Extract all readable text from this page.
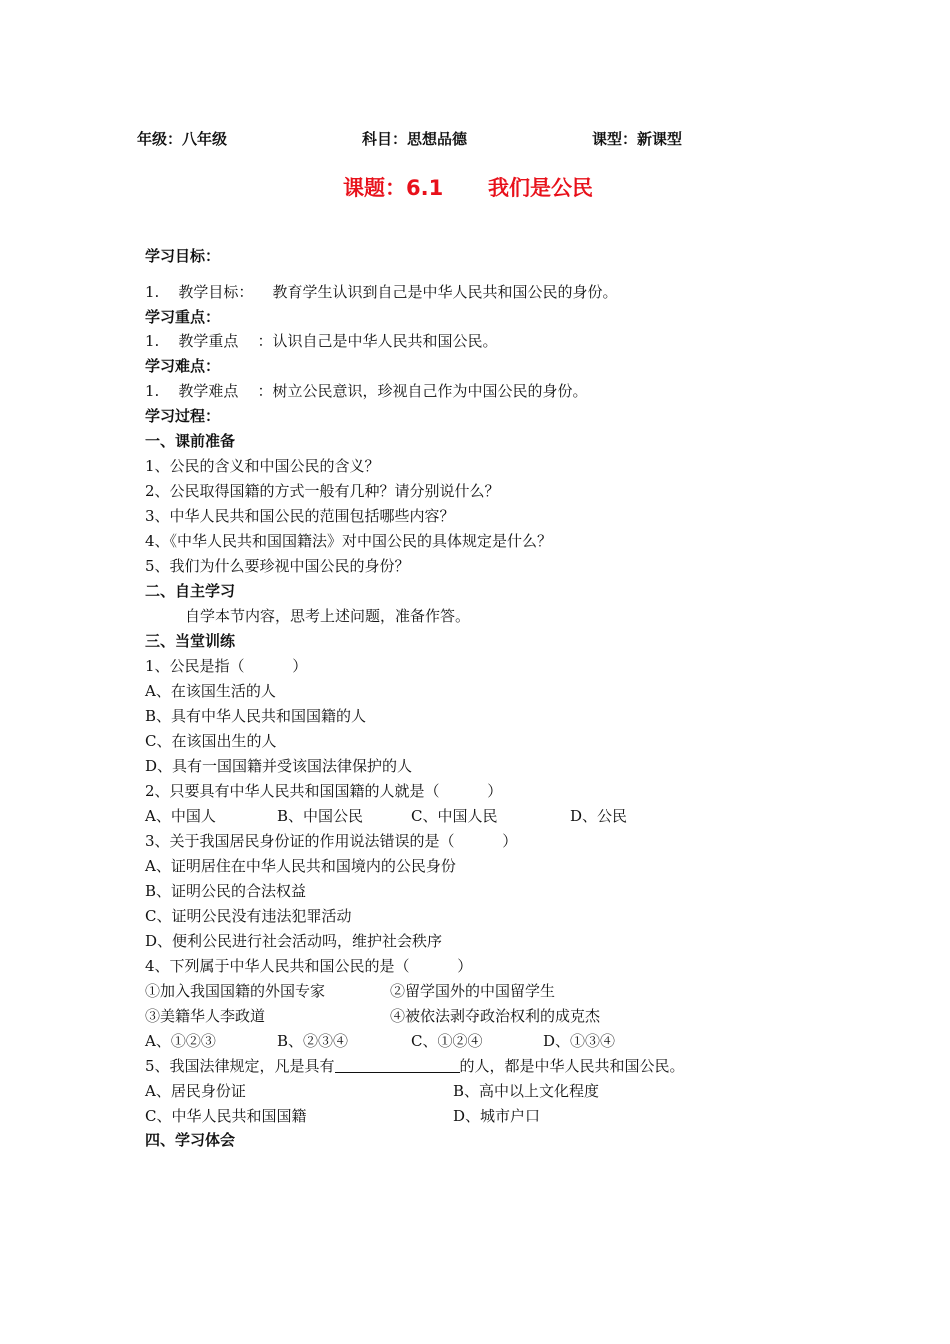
年级：八年级	科目：思想品德	课型：新课型
课题：6.1 我们是公民
学习目标：
1.    教学目标：    教育学生认识到自己是中华人民共和国公民的身份。
学习重点：
1.    教学重点    ：认识自己是中华人民共和国公民。
学习难点：
1.    教学难点    ：树立公民意识，珍视自己作为中国公民的身份。
学习过程：
一、课前准备
1、公民的含义和中国公民的含义？
2、公民取得国籍的方式一般有几种？请分别说什么？
3、中华人民共和国公民的范围包括哪些内容？
4、《中华人民共和国国籍法》对中国公民的具体规定是什么？
5、我们为什么要珍视中国公民的身份？
二、自主学习
自学本节内容，思考上述问题，准备作答。
三、当堂训练
1、公民是指（          ）
A、在该国生活的人
B、具有中华人民共和国国籍的人
C、在该国出生的人
D、具有一国国籍并受该国法律保护的人
2、只要具有中华人民共和国国籍的人就是（          ）
A、中国人	B、中国公民	C、中国人民	D、公民
3、关于我国居民身份证的作用说法错误的是（          ）
A、证明居住在中华人民共和国境内的公民身份
B、证明公民的合法权益
C、证明公民没有违法犯罪活动
D、便利公民进行社会活动吗，维护社会秩序
4、下列属于中华人民共和国公民的是（          ）
①加入我国国籍的外国专家	②留学国外的中国留学生
③美籍华人李政道	④被依法剥夺政治权利的成克杰
A、①②③	B、②③④	C、①②④	D、①③④
5、我国法律规定，凡是具有	的人，都是中华人民共和国公民。
A、居民身份证	B、高中以上文化程度
C、中华人民共和国国籍	D、城市户口
四、学习体会
